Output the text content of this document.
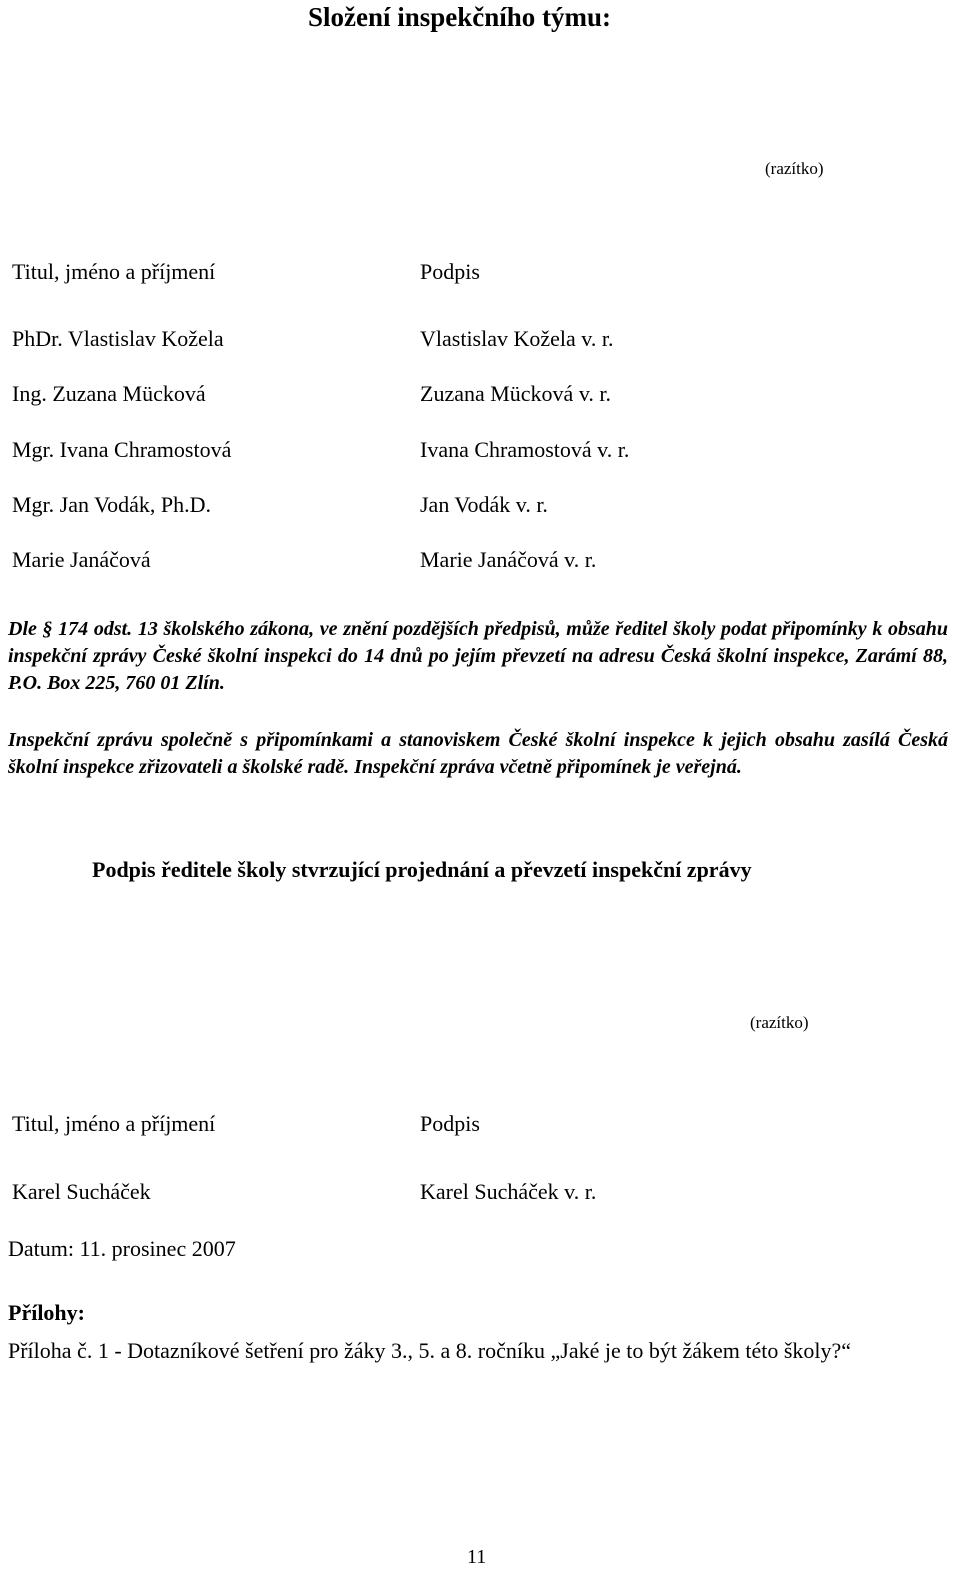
Složení inspekčního týmu:
(razítko)
Titul, jméno a příjmení	Podpis
PhDr. Vlastislav Kožela	Vlastislav Kožela v. r.
Ing. Zuzana Mücková	Zuzana Mücková v. r.
Mgr. Ivana Chramostová	Ivana Chramostová v. r.
Mgr. Jan Vodák, Ph.D.	Jan Vodák v. r.
Marie Janáčová	Marie Janáčová v. r.

Dle § 174 odst. 13 školského zákona, ve znění pozdějších předpisů, může ředitel školy podat připomínky k obsahu inspekční zprávy České školní inspekci do 14 dnů po jejím převzetí na adresu Česká školní inspekce, Zarámí 88, P.O. Box 225, 760 01 Zlín.

Inspekční zprávu společně s připomínkami a stanoviskem České školní inspekce k jejich obsahu zasílá Česká školní inspekce zřizovateli a školské radě. Inspekční zpráva včetně připomínek je veřejná.

Podpis ředitele školy stvrzující projednání a převzetí inspekční zprávy
(razítko)
Titul, jméno a příjmení	Podpis
Karel Sucháček	Karel Sucháček v. r.
Datum: 11. prosinec 2007
Přílohy:

Příloha č. 1 - Dotazníkové šetření pro žáky 3., 5. a 8. ročníku „Jaké je to být žákem této školy?“

11
